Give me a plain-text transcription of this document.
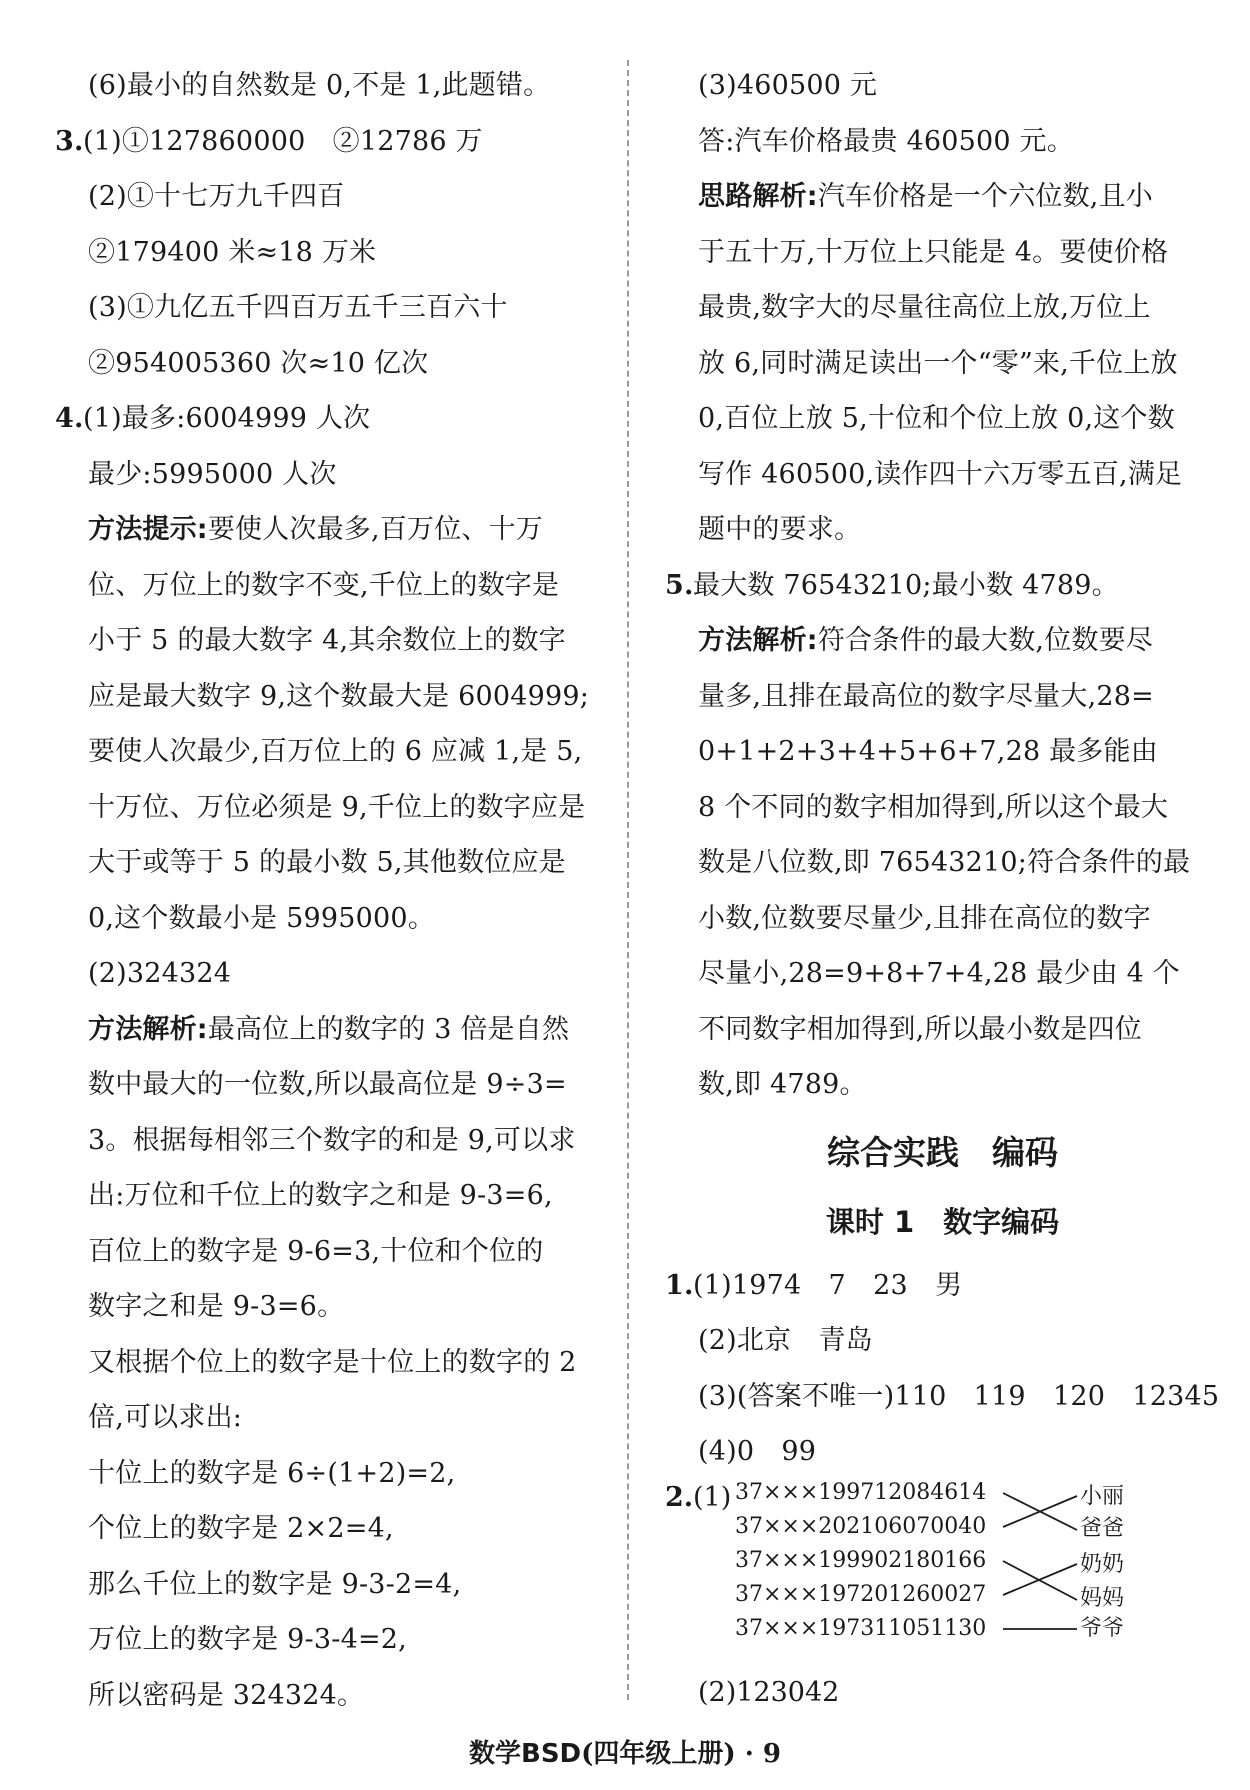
(6)最小的自然数是 0,不是 1,此题错。
3.(1)①127860000　②12786 万
(2)①十七万九千四百
②179400 米≈18 万米
(3)①九亿五千四百万五千三百六十
②954005360 次≈10 亿次
4.(1)最多:6004999 人次
最少:5995000 人次
方法提示:要使人次最多,百万位、十万
位、万位上的数字不变,千位上的数字是
小于 5 的最大数字 4,其余数位上的数字
应是最大数字 9,这个数最大是 6004999;
要使人次最少,百万位上的 6 应减 1,是 5,
十万位、万位必须是 9,千位上的数字应是
大于或等于 5 的最小数 5,其他数位应是
0,这个数最小是 5995000。
(2)324324
方法解析:最高位上的数字的 3 倍是自然
数中最大的一位数,所以最高位是 9÷3=
3。根据每相邻三个数字的和是 9,可以求
出:万位和千位上的数字之和是 9-3=6,
百位上的数字是 9-6=3,十位和个位的
数字之和是 9-3=6。
又根据个位上的数字是十位上的数字的 2
倍,可以求出:
十位上的数字是 6÷(1+2)=2,
个位上的数字是 2×2=4,
那么千位上的数字是 9-3-2=4,
万位上的数字是 9-3-4=2,
所以密码是 324324。
(3)460500 元
答:汽车价格最贵 460500 元。
思路解析:汽车价格是一个六位数,且小
于五十万,十万位上只能是 4。要使价格
最贵,数字大的尽量往高位上放,万位上
放 6,同时满足读出一个“零”来,千位上放
0,百位上放 5,十位和个位上放 0,这个数
写作 460500,读作四十六万零五百,满足
题中的要求。
5.最大数 76543210;最小数 4789。
方法解析:符合条件的最大数,位数要尽
量多,且排在最高位的数字尽量大,28=
0+1+2+3+4+5+6+7,28 最多能由
8 个不同的数字相加得到,所以这个最大
数是八位数,即 76543210;符合条件的最
小数,位数要尽量少,且排在高位的数字
尽量小,28=9+8+7+4,28 最少由 4 个
不同数字相加得到,所以最小数是四位
数,即 4789。
综合实践　编码
课时 1　数字编码
1.(1)1974　7　23　男
(2)北京　青岛
(3)(答案不唯一)110　119　120　12345
(4)0　99
2.(1) 37×××199712084614
37×××202106070040
37×××199902180166
37×××197201260027
37×××197311051130
小丽
爸爸
奶奶
妈妈
爷爷
(2)123042
数学BSD(四年级上册) · 9
